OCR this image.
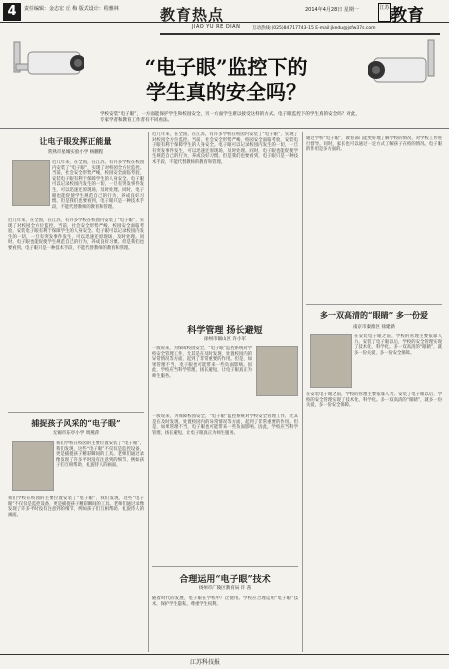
4	责任编辑：金志宏 丘 梅 版式设计：程雅林	教育热点
JIAO YU RE DIAN
2014年4月28日 星期一
互动热线:(025)84717743-15 E-mail:jkedu@jsfw37s.com
江苏 教育
“电子眼”监控下的
学生真的安全吗？
学校安装“电子眼”，一方面能保护学生和校园安全，另一方面学生难以接受这样的方式。电子眼监控下的学生真的安全吗？对此，专家学者和教育工作者有不同看法。
让电子眼发挥正能量
常熟市星城实验小学 杨鹏程
近几年来，在全国，在江苏，有许多学校在校园内安装了“电子眼”，实现了对校园全方位监控。当前，社会安全形势严峻，校园安全面临考验，安装电子眼有利于保障学生的人身安全。电子眼可以记录校园内发生的一切，一旦有突发事件发生，可以迅速还原现场，及时处理。同时，电子眼也能促使学生规范自己的行为，养成良好习惯。但是我们也要看到，电子眼只是一种技术手段，不能代替教师的教育和管理。
近几年来，在全国，在江苏，有许多学校在校园内安装了“电子眼”，实现了对校园全方位监控。当前，社会安全形势严峻，校园安全面临考验，安装电子眼有利于保障学生的人身安全。电子眼可以记录校园内发生的一切，一旦有突发事件发生，可以迅速还原现场，及时处理。同时，电子眼也能促使学生规范自己的行为，养成良好习惯。但是我们也要看到，电子眼只是一种技术手段，不能代替教师的教育和管理。
捕捉孩子风采的“电子眼”
无锡市东亭小学 周燕萍
我们学校在校园的主要位置安装了“电子眼”，我们发现，这些“电子眼”不仅仅是监控设备，更是捕捉孩子精彩瞬间的工具。老师们通过录像发现了许多平时没有注意到的细节，例如孩子们互相帮助、礼貌待人的画面。
我们学校在校园的主要位置安装了“电子眼”，我们发现，这些“电子眼”不仅仅是监控设备，更是捕捉孩子精彩瞬间的工具。老师们通过录像发现了许多平时没有注意到的细节，例如孩子们互相帮助、礼貌待人的画面。
近几年来，在全国，在江苏，有许多学校在校园内安装了“电子眼”，实现了对校园全方位监控。当前，社会安全形势严峻，校园安全面临考验，安装电子眼有利于保障学生的人身安全。电子眼可以记录校园内发生的一切，一旦有突发事件发生，可以迅速还原现场，及时处理。同时，电子眼也能促使学生规范自己的行为，养成良好习惯。但是我们也要看到，电子眼只是一种技术手段，不能代替教师的教育和管理。
科学管理 扬长避短
徐州市铜山区 许小军
一般说来，为保障校园安全，“电子眼”监控系统对学校安全管理工作，尤其是在及时发现、处置校园内的异常情况等方面，起到了非常重要的作用。但是，如果管理不当，电子眼也可能带来一些负面影响。因此，学校应当科学管理，扬长避短，让电子眼真正为师生服务。
一般说来，为保障校园安全，“电子眼”监控系统对学校安全管理工作，尤其是在及时发现、处置校园内的异常情况等方面，起到了非常重要的作用。但是，如果管理不当，电子眼也可能带来一些负面影响。因此，学校应当科学管理，扬长避短，让电子眼真正为师生服务。
合理运用“电子眼”技术
扬州市广陵区教育局 许 茜
随着时代的发展，电子眼在学校中广泛使用。学校应合理运用“电子眼”技术，保护学生隐私，尊重学生权利。
通过学校“电子眼”，教育部门能更好地了解学校的情况，对学校工作进行督导。同时，家长也可以通过一定方式了解孩子在校的情况。电子眼的作用是多方面的。
多一双高清的“眼睛” 多一份爱
南京市秦淮区 徐建新
在安装电子眼之前，学校的管理主要依靠人力。安装了电子眼以后，学校的安全管理实现了技术化、科学化。多一双高清的“眼睛”，就多一份关爱，多一份安全保障。
在安装电子眼之前，学校的管理主要依靠人力。安装了电子眼以后，学校的安全管理实现了技术化、科学化。多一双高清的“眼睛”，就多一份关爱，多一份安全保障。
江苏科技报
